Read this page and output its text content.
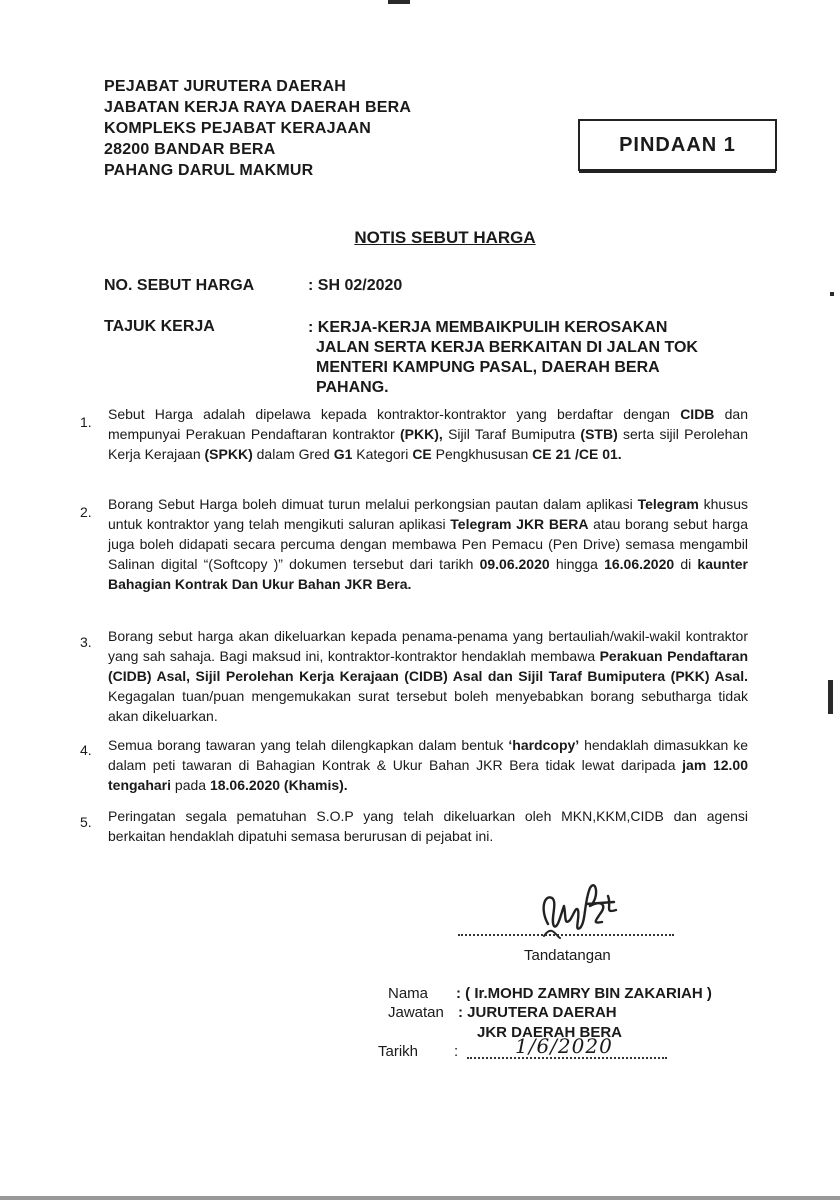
PEJABAT JURUTERA DAERAH
JABATAN KERJA RAYA DAERAH BERA
KOMPLEKS PEJABAT KERAJAAN
28200 BANDAR BERA
PAHANG DARUL MAKMUR
PINDAAN 1
NOTIS SEBUT HARGA
NO. SEBUT HARGA	: SH 02/2020
TAJUK KERJA	: KERJA-KERJA MEMBAIKPULIH KEROSAKAN
JALAN SERTA KERJA BERKAITAN DI JALAN TOK
MENTERI KAMPUNG PASAL, DAERAH BERA
PAHANG.
1. Sebut Harga adalah dipelawa kepada kontraktor-kontraktor yang berdaftar dengan CIDB dan mempunyai Perakuan Pendaftaran kontraktor (PKK), Sijil Taraf Bumiputra (STB) serta sijil Perolehan Kerja Kerajaan (SPKK) dalam Gred G1 Kategori CE Pengkhususan CE 21 /CE 01.
2. Borang Sebut Harga boleh dimuat turun melalui perkongsian pautan dalam aplikasi Telegram khusus untuk kontraktor yang telah mengikuti saluran aplikasi Telegram JKR BERA atau borang sebut harga juga boleh didapati secara percuma dengan membawa Pen Pemacu (Pen Drive) semasa mengambil Salinan digital “(Softcopy )” dokumen tersebut dari tarikh 09.06.2020 hingga 16.06.2020 di kaunter Bahagian Kontrak Dan Ukur Bahan JKR Bera.
3. Borang sebut harga akan dikeluarkan kepada penama-penama yang bertauliah/wakil-wakil kontraktor yang sah sahaja. Bagi maksud ini, kontraktor-kontraktor hendaklah membawa Perakuan Pendaftaran (CIDB) Asal, Sijil Perolehan Kerja Kerajaan (CIDB) Asal dan Sijil Taraf Bumiputera (PKK) Asal. Kegagalan tuan/puan mengemukakan surat tersebut boleh menyebabkan borang sebutharga tidak akan dikeluarkan.
4. Semua borang tawaran yang telah dilengkapkan dalam bentuk ‘hardcopy’ hendaklah dimasukkan ke dalam peti tawaran di Bahagian Kontrak & Ukur Bahan JKR Bera tidak lewat daripada jam 12.00 tengahari pada 18.06.2020 (Khamis).
5. Peringatan segala pematuhan S.O.P yang telah dikeluarkan oleh MKN,KKM,CIDB dan agensi berkaitan hendaklah dipatuhi semasa berurusan di pejabat ini.
Tandatangan
Nama : ( Ir.MOHD ZAMRY BIN ZAKARIAH )
Jawatan : JURUTERA DAERAH
JKR DAERAH BERA
Tarikh :	1/6/2020
